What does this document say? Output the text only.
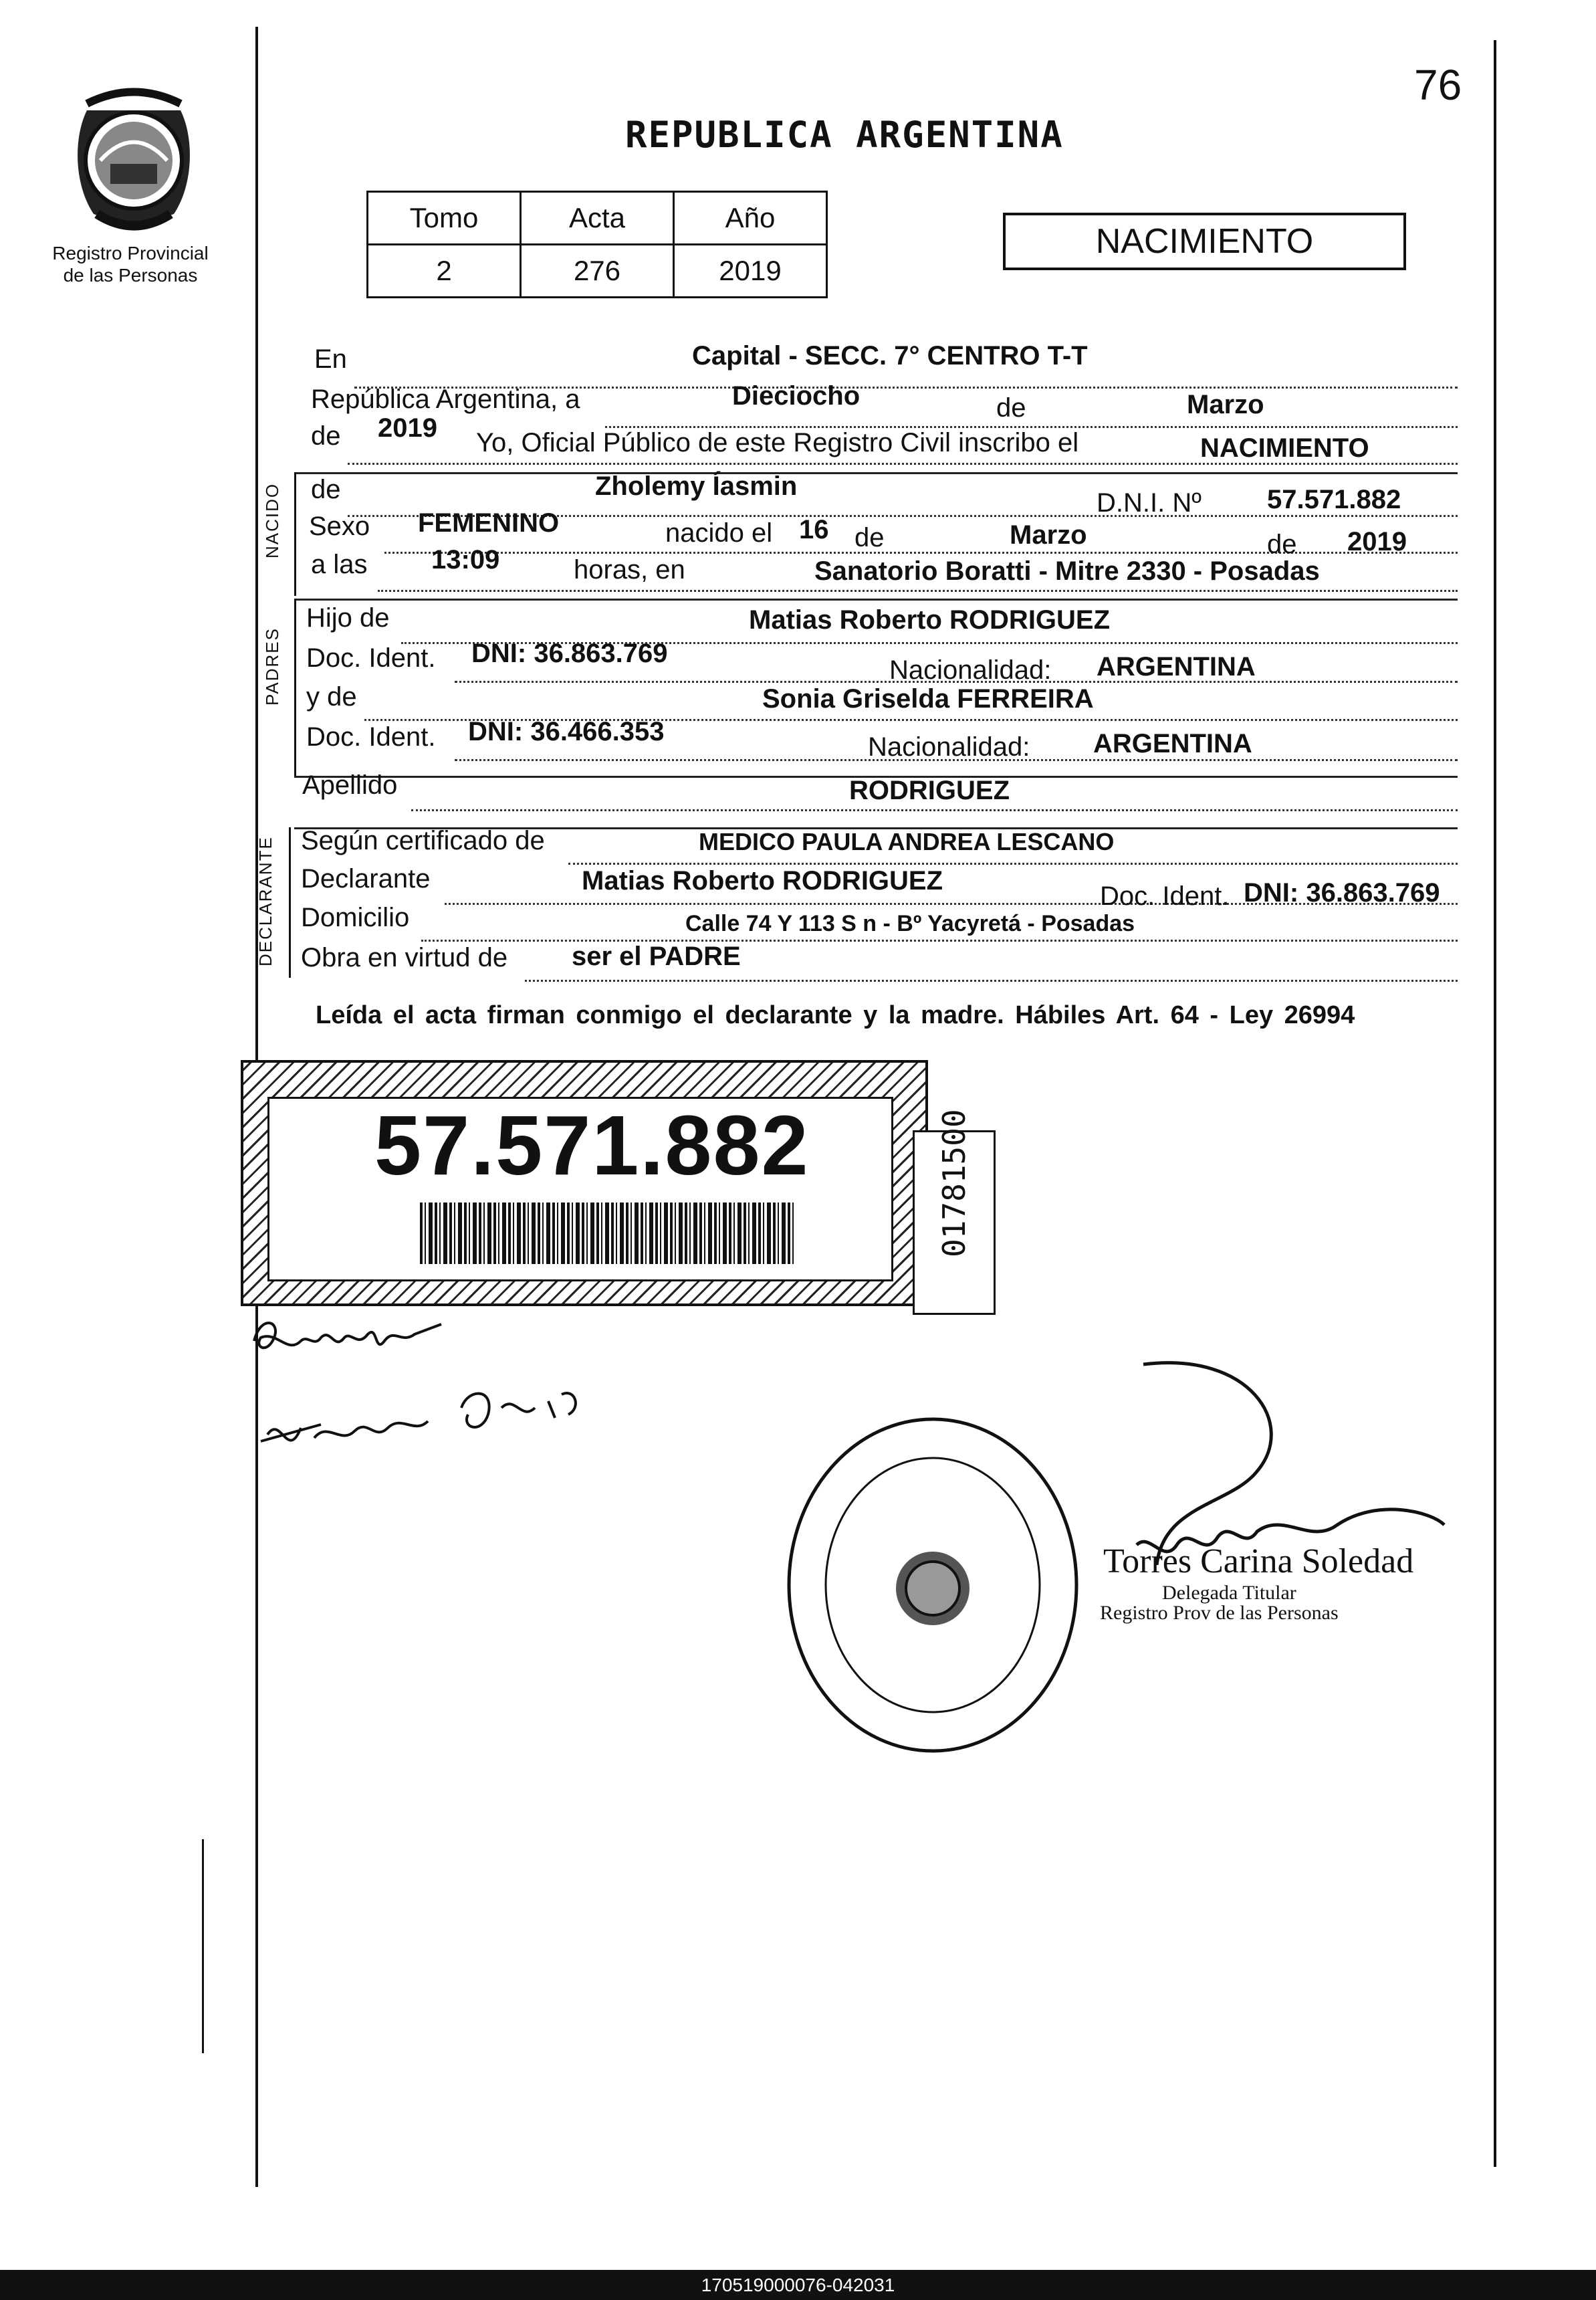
76
Registro Provincial de las Personas
REPUBLICA ARGENTINA
Tomo	Acta	Año
2	276	2019
NACIMIENTO
En	Capital - SECC. 7° CENTRO T-T
República Argentina, a	Dieciocho	de	Marzo
de 2019 Yo, Oficial Público de este Registro Civil inscribo el	NACIMIENTO
NACIDO de	Zholemy Íasmin
D.N.I. Nº 57.571.882
Sexo FEMENINO	nacido el 16 de	Marzo	de 2019
a las 13:09	horas, en	Sanatorio Boratti - Mitre 2330 - Posadas
PADRES
Hijo de	Matias Roberto RODRIGUEZ
Doc. Ident. DNI: 36.863.769
Nacionalidad: ARGENTINA
y de	Sonia Griselda FERREIRA
Doc. Ident. DNI: 36.466.353
Nacionalidad: ARGENTINA
Apellido	RODRIGUEZ
DECLARANTE Según certificado de	MEDICO PAULA ANDREA LESCANO
Declarante	Matias Roberto RODRIGUEZ
Doc. Ident. DNI: 36.863.769
Domicilio	Calle 74 Y 113 S n - Bº Yacyretá - Posadas
Obra en virtud de ser el PADRE
Leída el acta firman conmigo el declarante y la madre. Hábiles Art. 64 - Ley 26994
57.571.882	01781500
Torres Carina Soledad
Delegada Titular
Registro Prov de las Personas
170519000076-042031
